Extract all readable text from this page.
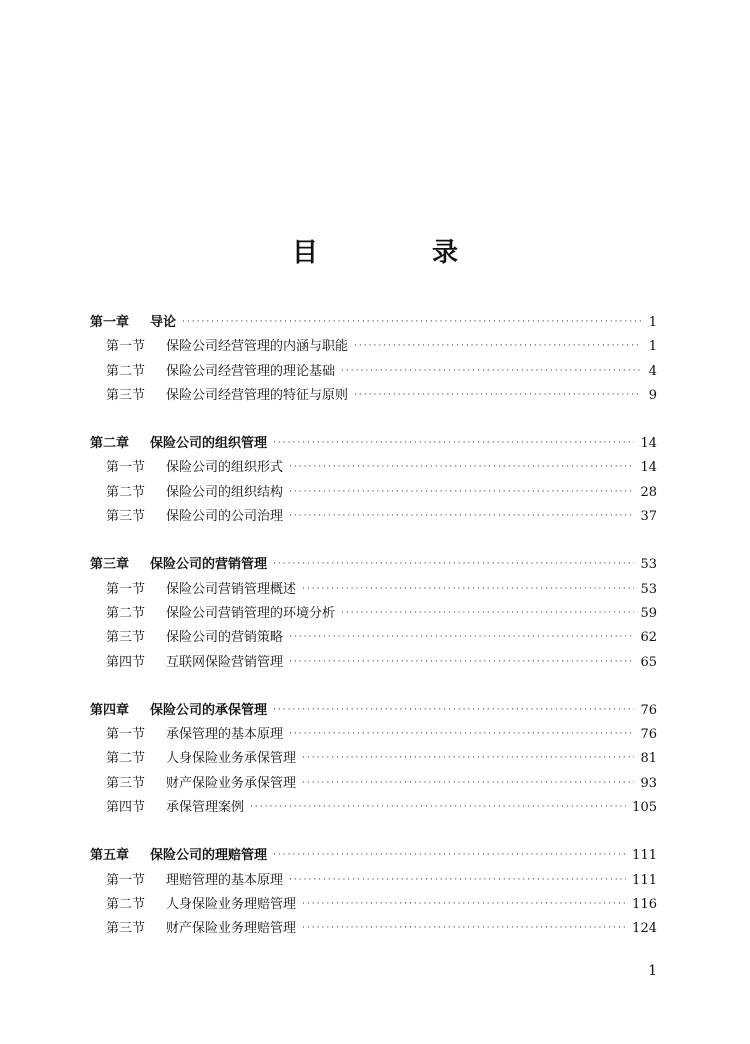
目　录
第一章 导论 ·····	1
第一节	保险公司经营管理的内涵与职能 ·····	1
第二节	保险公司经营管理的理论基础 ·····	4
第三节	保险公司经营管理的特征与原则 ·····	9
第二章 保险公司的组织管理 ·····	14
第一节	保险公司的组织形式 ·····	14
第二节	保险公司的组织结构 ·····	28
第三节	保险公司的公司治理 ·····	37
第三章 保险公司的营销管理 ·····	53
第一节	保险公司营销管理概述 ·····	53
第二节	保险公司营销管理的环境分析 ·····	59
第三节	保险公司的营销策略 ·····	62
第四节	互联网保险营销管理 ·····	65
第四章 保险公司的承保管理 ·····	76
第一节	承保管理的基本原理 ·····	76
第二节	人身保险业务承保管理 ·····	81
第三节	财产保险业务承保管理 ·····	93
第四节	承保管理案例 ·····	105
第五章 保险公司的理赔管理 ·····	111
第一节	理赔管理的基本原理 ·····	111
第二节	人身保险业务理赔管理 ·····	116
第三节	财产保险业务理赔管理 ·····	124
1
